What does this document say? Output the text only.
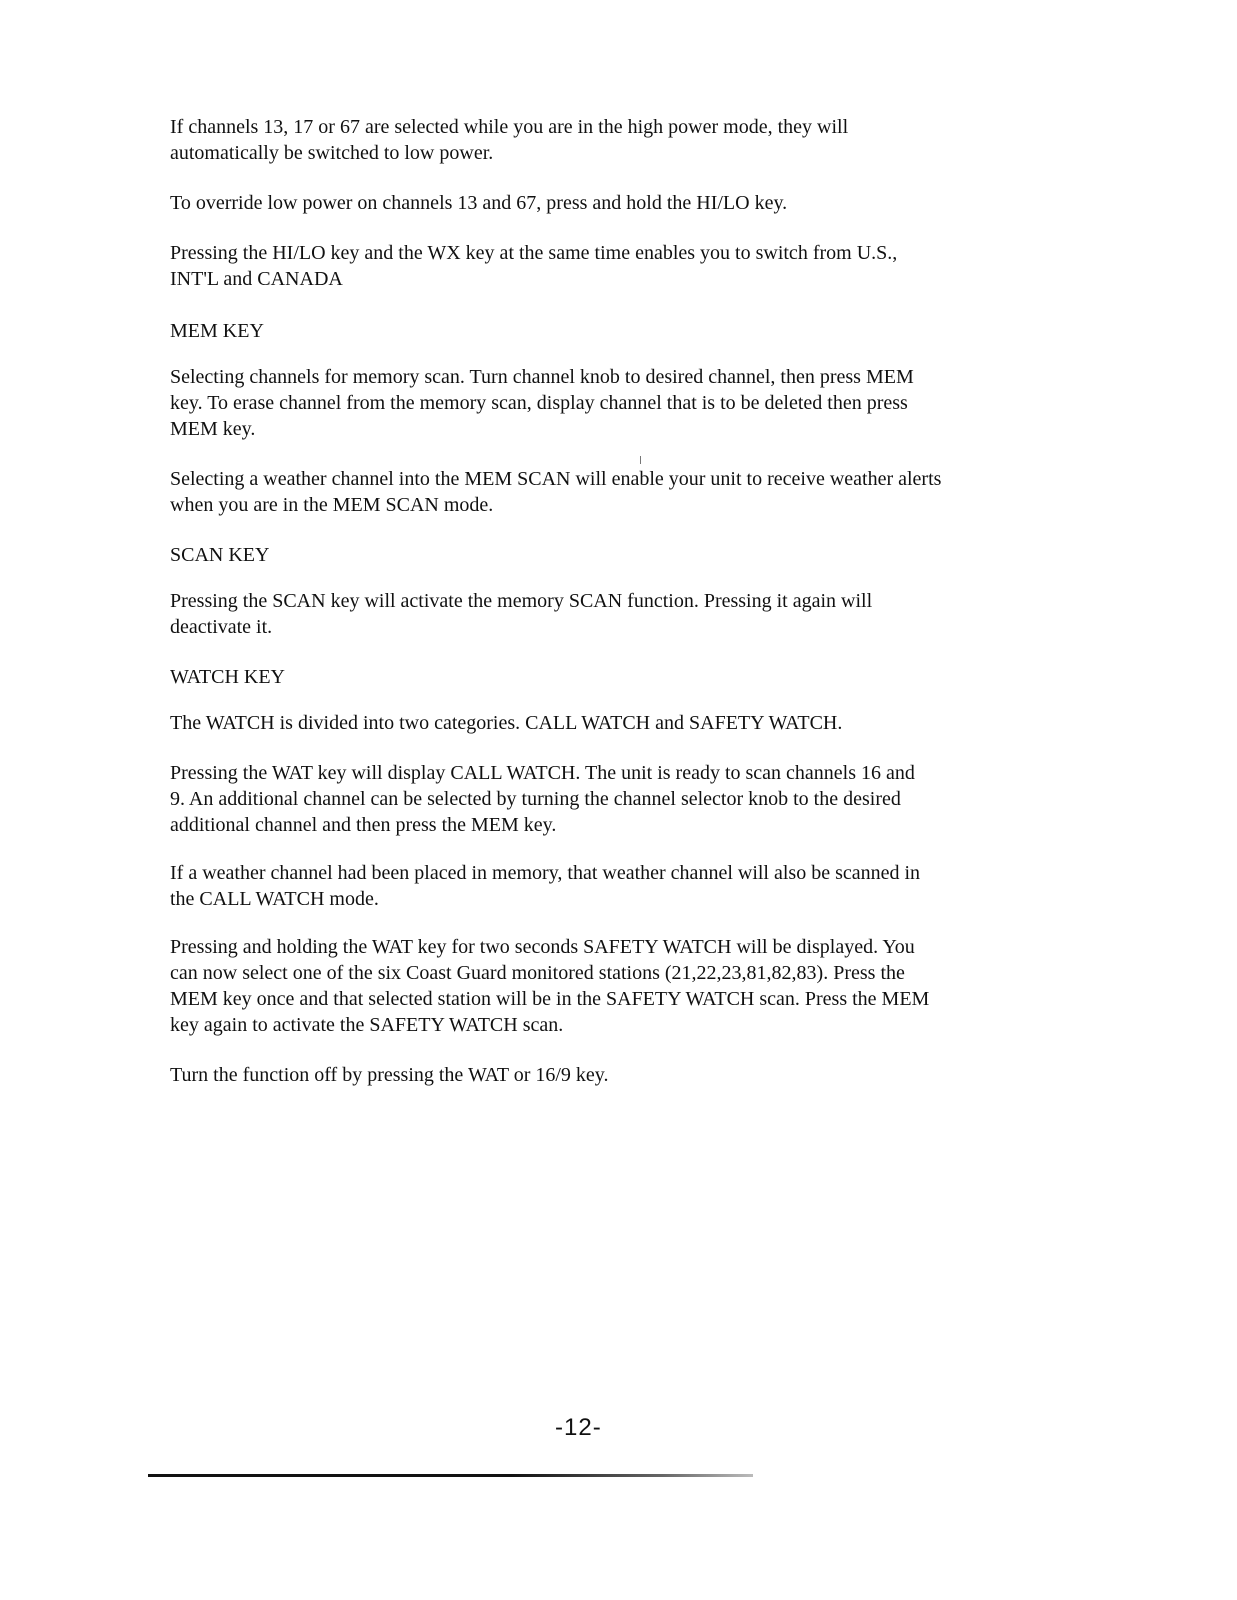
If channels 13, 17 or 67 are selected while you are in the high power mode, they will
automatically be switched to low power.

To override low power on channels 13 and 67, press and hold the HI/LO key.

Pressing the HI/LO key and the WX key at the same time enables you to switch from U.S.,
INT'L and CANADA

MEM KEY

Selecting channels for memory scan. Turn channel knob to desired channel, then press MEM
key. To erase channel from the memory scan, display channel that is to be deleted then press
MEM key.

Selecting a weather channel into the MEM SCAN will enable your unit to receive weather alerts
when you are in the MEM SCAN mode.

SCAN KEY

Pressing the SCAN key will activate the memory SCAN function. Pressing it again will
deactivate it.

WATCH KEY

The WATCH is divided into two categories. CALL WATCH and SAFETY WATCH.

Pressing the WAT key will display CALL WATCH. The unit is ready to scan channels 16 and
9. An additional channel can be selected by turning the channel selector knob to the desired
additional channel and then press the MEM key.

If a weather channel had been placed in memory, that weather channel will also be scanned in
the CALL WATCH mode.

Pressing and holding the WAT key for two seconds SAFETY WATCH will be displayed. You
can now select one of the six Coast Guard monitored stations (21,22,23,81,82,83). Press the
MEM key once and that selected station will be in the SAFETY WATCH scan. Press the MEM
key again to activate the SAFETY WATCH scan.

Turn the function off by pressing the WAT or 16/9 key.

-12-
